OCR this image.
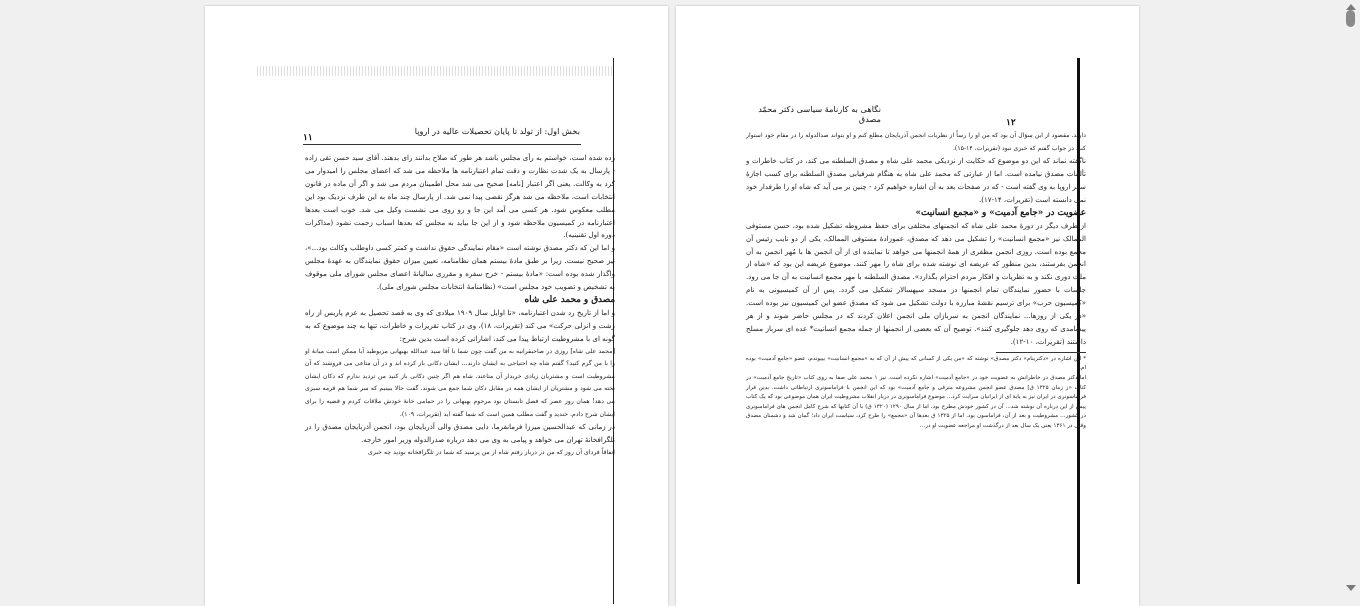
بخش اول: از تولد تا پایان تحصیلات عالیه در اروپا
١١

زده شده است، خواستم به رأی مجلس باشد هر طور که صلاح بدانند رای بدهند. آقای سید حسن تقی زاده - پارسال به یک شدت نظارت و دقت تمام اعتبارنامه ها ملاحظه می شد که اعضای مجلس را امیدوار می کرد به وکالت. یعنی اگر اعتبار [نامه] صحیح می شد محل اطمینان مردم می شد و اگر آن ماده در قانون انتخابات است، ملاحظه می شد هرگز نقصی پیدا نمی شد. از پارسال چند ماه به این طرف نزدیک بود این مطلب معکوس شود. هر کسی می آمد این جا و رو روی می نشست وکیل می شد. خوب است بعدها اعتبارنامه در کمیسیون ملاحظه شود و از این جا بیاید به مجلس که بعدها اسباب زحمت نشود (مذاکرات دوره اول تقنینیه).

و اما این که دکتر مصدق نوشته است «مقام نمایندگی حقوق نداشت و کمتر کسی داوطلب وکالت بود...»، نیز صحیح نیست. زیرا بر طبق مادهٔ بیستم همان نظامنامه، تعیین میزان حقوق نمایندگان به عهدهٔ مجلس واگذار شده بوده است: «مادهٔ بیستم - خرج سفره و مقرری سالیانهٔ اعضای مجلس شورای ملی موقوف به تشخیص و تصویب خود مجلس است» (نظامنامهٔ انتخابات مجلس شورای ملی).

مصدق و محمد علی شاه

و اما از تاریخ رد شدن اعتبارنامه، «تا اوایل سال ۱۹۰۹ میلادی که وی به قصد تحصیل به عزم پاریس از راه رشت و انزلی حرکت» می کند (تقریرات، ۱۸)، وی در کتاب تقریرات و خاطرات، تنها به چند موضوع که به گونه ای با مشروطیت ارتباط پیدا می کند، اشاراتی کرده است بدین شرح:

[محمد علی شاه] روزی در صاحبقرانیه به من گفت چون شما با آقا سید عبدالله بهبهانی مربوطید آیا ممکن است میانهٔ او را با من گرم کنید؟ گفتم شاه چه احتیاجی به ایشان دارند... ایشان دکانی باز کرده اند و در آن متاعی می فروشند که آن مشروطیت است و مشتریان زیادی خریدار آن متاعند. شاه هم اگر چنین دکانی باز کنید من تردید ندارم که دکان ایشان تخته می شود و مشتریان از ایشان همه در مقابل دکان شما جمع می شوند. گفت حالا ببینیم که سر شما هم قرمه سبزی می دهد! همان روز عصر که فصل تابستان بود مرحوم بهبهانی را در حمامی خانهٔ خودش ملاقات کردم و قضیه را برای ایشان شرح دادم. خندید و گفت مطلب همین است که شما گفته اید (تقریرات، ۱۰۹).

در زمانی که عبدالحسین میرزا فرمانفرما، دایی مصدق والی آذربایجان بود، انجمن آذربایجان مصدق را در تلگرافخانهٔ تهران می خواهد و پیامی به وی می دهد درباره صدرالدوله وزیر امور خارجه.

اتفاقاً فردای آن روز که من در دربار رفتم شاه از من پرسید که شما در تلگرافخانه بودید چه خبری

نگاهی به کارنامهٔ سیاسی دکتر محمّد مصدق	١٢

دارید. مقصود از این سؤال آن بود که من او را رساً از نظریات انجمن آذربایجان مطلع کنم و او بتواند صدالدوله را در مقام خود استوار کند. در جواب گفتم که خبری نبود (تقریرات، ۱۴-۱۵).

ناگفته نماند که این دو موضوع که حکایت از نزدیکی محمد علی شاه و مصدق السلطنه می کند، در کتاب خاطرات و تألمات مصدق نیامده است. اما از عبارتی که محمد علی شاه به هنگام شرفیابی مصدق السلطنه برای کسب اجازهٔ سفر اروپا به وی گفته است - که در صفحات بعد به آن اشاره خواهیم کرد - چنین بر می آید که شاه او را طرفدار خود نمی دانسته است (تقریرات، ۱۴-۱۷).

عضویت در «جامع آدمیت» و «مجمع انسانیت»

از طرف دیگر در دورهٔ محمد علی شاه که انجمنهای مختلفی برای حفظ مشروطه تشکیل شده بود، حسن مستوفی الممالک نیز «مجمع انسانیت» را تشکیل می دهد که مصدق، عموزادهٔ مستوفی الممالک، یکی از دو نایب رئیس آن مجمع بوده است. روزی انجمن مظفری از همهٔ انجمنها می خواهد تا نماینده ای از آن انجمن ها با مُهر انجمن به آن انجمن بفرستند، بدین منظور که عریضه ای نوشته شده برای شاه را مهر کنند. موضوع عریضه این بود که «شاه از ملت دوری نکند و به نظریات و افکار مردم احترام بگذارد». مصدق السلطنه با مهر مجمع انسانیت به آن جا می رود. جلسات با حضور نمایندگان تمام انجمنها در مسجد سپهسالار تشکیل می گردد. پس از آن کمیسیونی به نام «کمیسیون حرب» برای ترسیم نقشهٔ مبارزه با دولت تشکیل می شود که مصدق عضو این کمیسیون نیز بوده است. «در یکی از روزها... نمایندگان انجمن به سربازان ملی انجمن اعلان کردند که در مجلس حاضر شوند و از هر پیشامدی که روی دهد جلوگیری کنند». توضیح آن که بعضی از انجمنها از جمله مجمع انسانیت* عده ای سرباز مسلح داشتند (تقریرات، ۱۰-۱۲).

* این اشاره در «دکترینام» دکتر مصدق» نوشته که «من یکی از کسانی که پیش از آن که به «مجمع انسانیت» بپیوندم، عضو «جامع آدمیت» بوده ام.

اما دکتر مصدق در خاطراتش به عضویت خود در «جامع آدمیت» اشاره نکرده است. نیز ۱ محمد علی صفا به روی کتاب «تاریخ جامع آدمیت» در کتاب «ز زمان ۱۳۲۵ ق] مصدق عضو انجمن مشروعه مترقی و جامع آدمیت» بود که این انجمن با فراماسونری ارتباطاتی داشت. بدین قرار فراماسونری در ایران نیز به پایهٔ ای از ایرانیان سرایت کرد... موضوع فراماسونری در دربار انقلاب مشروطیت ایران همان موضوعی بود که یک کتاب پیش از این درباره آن نوشته شد... آن در کشور خودش مطرح بود، اما از سال ۱۲۹۰ (۱۳۲۰ ق) با آن کتابها که شرح کامل انجمن های فراماسونری در کشور... مشروطیت و بعد از آن، فراماسون بود. اما از ۱۳۲۵ ق بعدها آن «مجمع» را طرح کرد، سیاست ایران داد؛ گمان شد و دشمنان مصدق وقتی در ۱۳۶۱ یعنی یک سال بعد از درگذشت او مراجعه عضویت او در...
